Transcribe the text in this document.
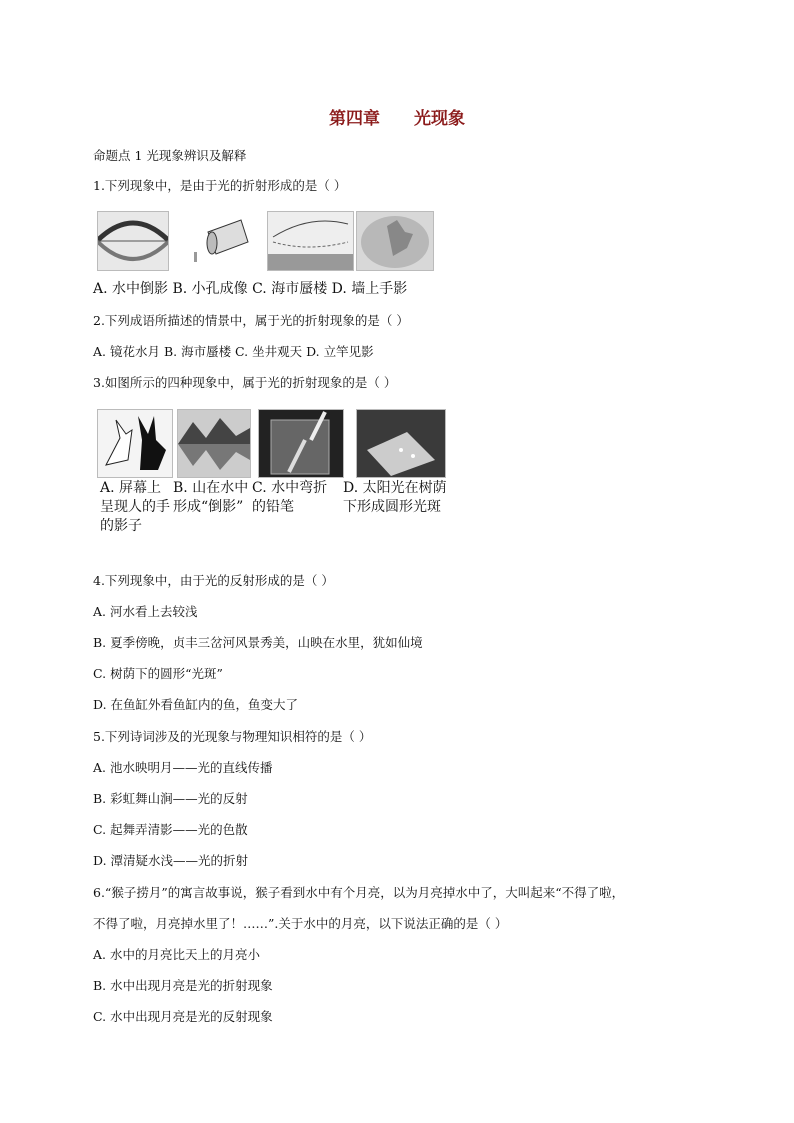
第四章 光现象
命题点 1 光现象辨识及解释
1.下列现象中，是由于光的折射形成的是（ ）
A. 水中倒影 B. 小孔成像 C. 海市蜃楼 D. 墙上手影
2.下列成语所描述的情景中，属于光的折射现象的是（ ）
A. 镜花水月 B. 海市蜃楼 C. 坐井观天 D. 立竿见影
3.如图所示的四种现象中，属于光的折射现象的是（ ）
A. 屏幕上呈现人的手的影子
B. 山在水中形成“倒影”
C. 水中弯折的铅笔
D. 太阳光在树荫下形成圆形光斑
4.下列现象中，由于光的反射形成的是（ ）
A. 河水看上去较浅
B. 夏季傍晚，贞丰三岔河风景秀美，山映在水里，犹如仙境
C. 树荫下的圆形“光斑”
D. 在鱼缸外看鱼缸内的鱼，鱼变大了
5.下列诗词涉及的光现象与物理知识相符的是（ ）
A. 池水映明月——光的直线传播
B. 彩虹舞山涧——光的反射
C. 起舞弄清影——光的色散
D. 潭清疑水浅——光的折射
6.“猴子捞月”的寓言故事说，猴子看到水中有个月亮，以为月亮掉水中了，大叫起来“不得了啦，
不得了啦，月亮掉水里了！……”.关于水中的月亮，以下说法正确的是（ ）
A. 水中的月亮比天上的月亮小
B. 水中出现月亮是光的折射现象
C. 水中出现月亮是光的反射现象
